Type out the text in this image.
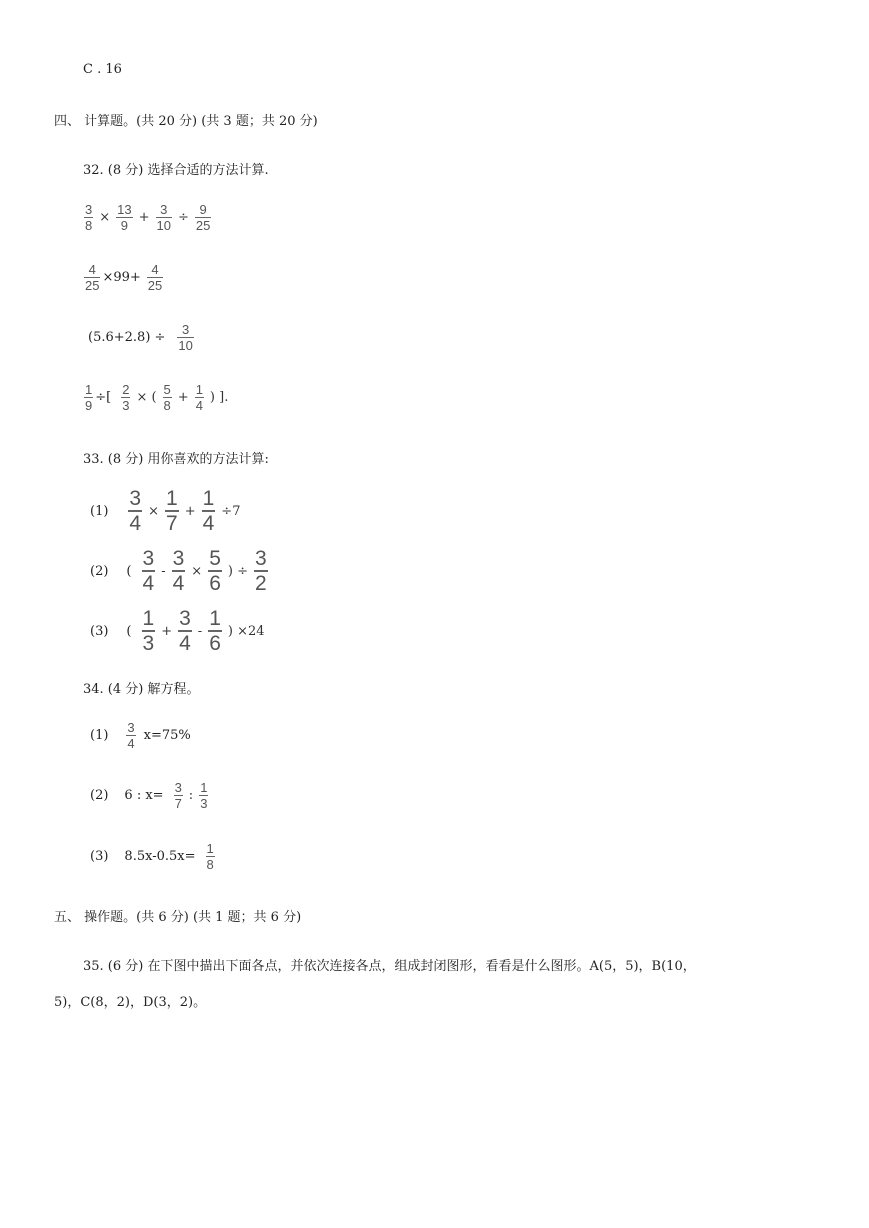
C . 16
四、 计算题。(共 20 分) (共 3 题；共 20 分)
32. (8 分) 选择合适的方法计算.
$\frac{3}{8} \times \frac{13}{9} + \frac{3}{10} \div \frac{9}{25}$
$\frac{4}{25} \times 99+ \frac{4}{25}$
$(5.6+2.8) \div \frac{3}{10}$
$\frac{1}{9}$ ÷[ $\frac{2}{3}$ × ( $\frac{5}{8} + \frac{1}{4}$ ) ].
33. (8 分) 用你喜欢的方法计算:
$(1) \frac{3}{4} \times \frac{1}{7} + \frac{1}{4} \div 7$
(2) ( $\frac{3}{4} - \frac{3}{4} \times \frac{5}{6}$ ) ÷ $\frac{3}{2}$
(3) ( $\frac{1}{3} + \frac{3}{4} - \frac{1}{6}$ ) ×24
34. (4 分) 解方程。
$(1) \frac{3}{4} x=75\%$
(2) 6 : $x= \frac{3}{7}$ : $\frac{1}{3}$
(3) $8.5x-0.5x= \frac{1}{8}$
五、 操作题。(共 6 分) (共 1 题；共 6 分)
35. (6 分) 在下图中描出下面各点，并依次连接各点，组成封闭图形，看看是什么图形。A(5，5)，B(10，
5)，C(8，2)，D(3，2)。
